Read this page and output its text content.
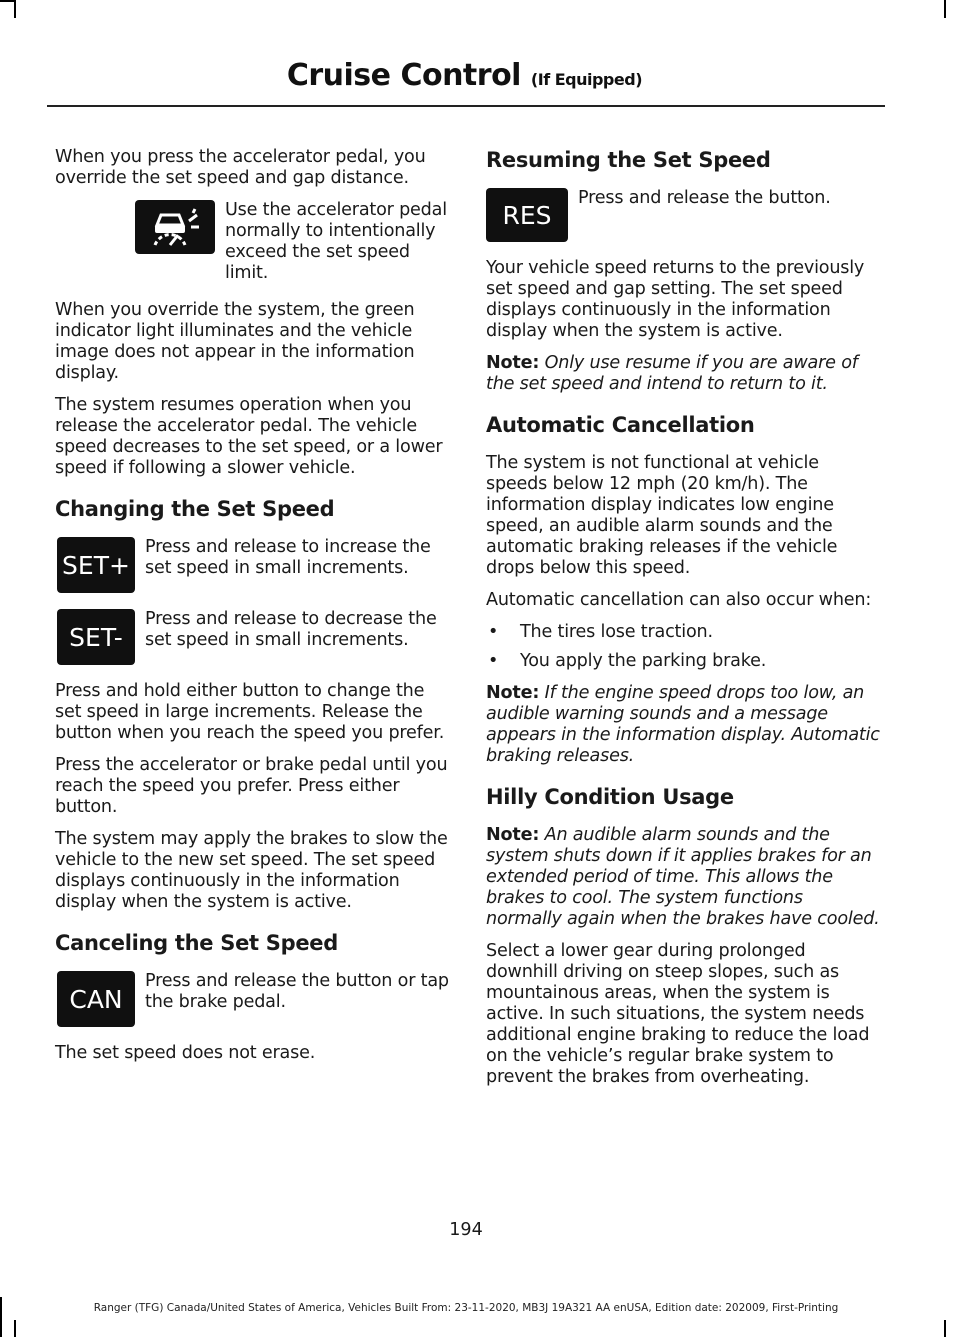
Cruise Control (If Equipped)

When you press the accelerator pedal, you override the set speed and gap distance.

Use the accelerator pedal normally to intentionally exceed the set speed limit.

When you override the system, the green indicator light illuminates and the vehicle image does not appear in the information display.

The system resumes operation when you release the accelerator pedal. The vehicle speed decreases to the set speed, or a lower speed if following a slower vehicle.

Changing the Set Speed
SET+

Press and release to increase the set speed in small increments.

SET-

Press and release to decrease the set speed in small increments.

Press and hold either button to change the set speed in large increments. Release the button when you reach the speed you prefer.

Press the accelerator or brake pedal until you reach the speed you prefer. Press either button.

The system may apply the brakes to slow the vehicle to the new set speed. The set speed displays continuously in the information display when the system is active.

Canceling the Set Speed
CAN

Press and release the button or tap the brake pedal.

The set speed does not erase.

Resuming the Set Speed
RES

Press and release the button.

Your vehicle speed returns to the previously set speed and gap setting. The set speed displays continuously in the information display when the system is active.

Note: Only use resume if you are aware of the set speed and intend to return to it.

Automatic Cancellation

The system is not functional at vehicle speeds below 12 mph (20 km/h). The information display indicates low engine speed, an audible alarm sounds and the automatic braking releases if the vehicle drops below this speed.

Automatic cancellation can also occur when:

• The tires lose traction.
• You apply the parking brake.

Note: If the engine speed drops too low, an audible warning sounds and a message appears in the information display. Automatic braking releases.

Hilly Condition Usage

Note: An audible alarm sounds and the system shuts down if it applies brakes for an extended period of time. This allows the brakes to cool. The system functions normally again when the brakes have cooled.

Select a lower gear during prolonged downhill driving on steep slopes, such as mountainous areas, when the system is active. In such situations, the system needs additional engine braking to reduce the load on the vehicle’s regular brake system to prevent the brakes from overheating.

194
Ranger (TFG) Canada/United States of America, Vehicles Built From: 23-11-2020, MB3J 19A321 AA enUSA, Edition date: 202009, First-Printing
